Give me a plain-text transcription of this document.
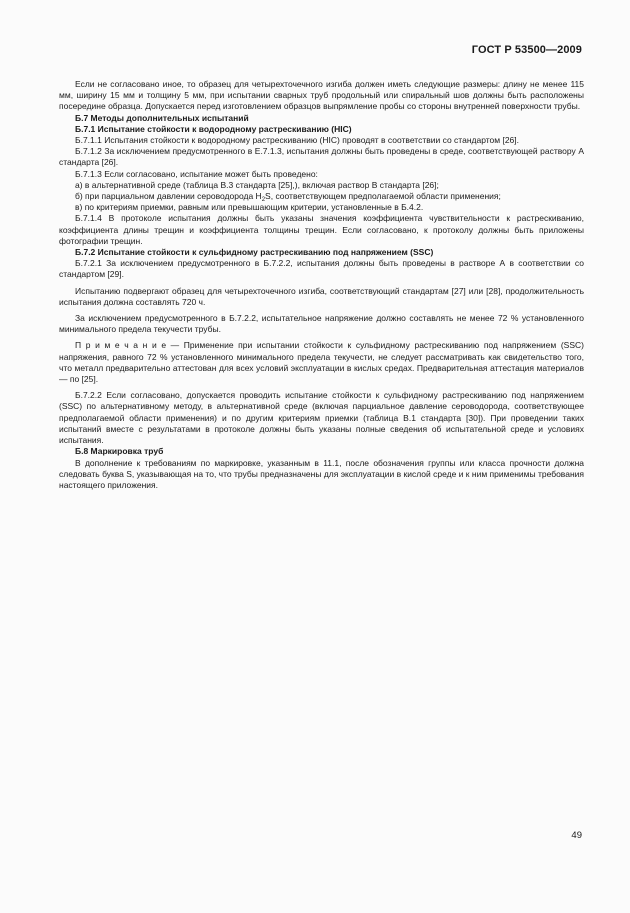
ГОСТ Р 53500—2009

Если не согласовано иное, то образец для четырехточечного изгиба должен иметь следующие размеры: длину не менее 115 мм, ширину 15 мм и толщину 5 мм, при испытании сварных труб продольный или спиральный шов должны быть расположены посередине образца. Допускается перед изготовлением образцов выпрямление пробы со стороны внутренней поверхности трубы.

Б.7 Методы дополнительных испытаний

Б.7.1 Испытание стойкости к водородному растрескиванию (HIC)

Б.7.1.1 Испытания стойкости к водородному растрескиванию (HIC) проводят в соответствии со стандартом [26].

Б.7.1.2 За исключением предусмотренного в Е.7.1.3, испытания должны быть проведены в среде, соответствующей раствору А стандарта [26].

Б.7.1.3 Если согласовано, испытание может быть проведено:

а) в альтернативной среде (таблица В.3 стандарта [25],), включая раствор В стандарта [26];

б) при парциальном давлении сероводорода $H_2S$, соответствующем предполагаемой области применения;

в) по критериям приемки, равным или превышающим критерии, установленные в Б.4.2.

Б.7.1.4 В протоколе испытания должны быть указаны значения коэффициента чувствительности к растрескиванию, коэффициента длины трещин и коэффициента толщины трещин. Если согласовано, к протоколу должны быть приложены фотографии трещин.

Б.7.2 Испытание стойкости к сульфидному растрескиванию под напряжением (SSC)

Б.7.2.1 За исключением предусмотренного в Б.7.2.2, испытания должны быть проведены в растворе А в соответствии со стандартом [29].

Испытанию подвергают образец для четырехточечного изгиба, соответствующий стандартам [27] или [28], продолжительность испытания должна составлять 720 ч.

За исключением предусмотренного в Б.7.2.2, испытательное напряжение должно составлять не менее 72 % установленного минимального предела текучести трубы.

П р и м е ч а н и е — Применение при испытании стойкости к сульфидному растрескиванию под напряжением (SSC) напряжения, равного 72 % установленного минимального предела текучести, не следует рассматривать как свидетельство того, что металл предварительно аттестован для всех условий эксплуатации в кислых средах. Предварительная аттестация материалов — по [25].

Б.7.2.2 Если согласовано, допускается проводить испытание стойкости к сульфидному растрескиванию под напряжением (SSC) по альтернативному методу, в альтернативной среде (включая парциальное давление сероводорода, соответствующее предполагаемой области применения) и по другим критериям приемки (таблица В.1 стандарта [30]). При проведении таких испытаний вместе с результатами в протоколе должны быть указаны полные сведения об испытательной среде и условиях испытания.

Б.8 Маркировка труб

В дополнение к требованиям по маркировке, указанным в 11.1, после обозначения группы или класса прочности должна следовать буква S, указывающая на то, что трубы предназначены для эксплуатации в кислой среде и к ним применимы требования настоящего приложения.

49
